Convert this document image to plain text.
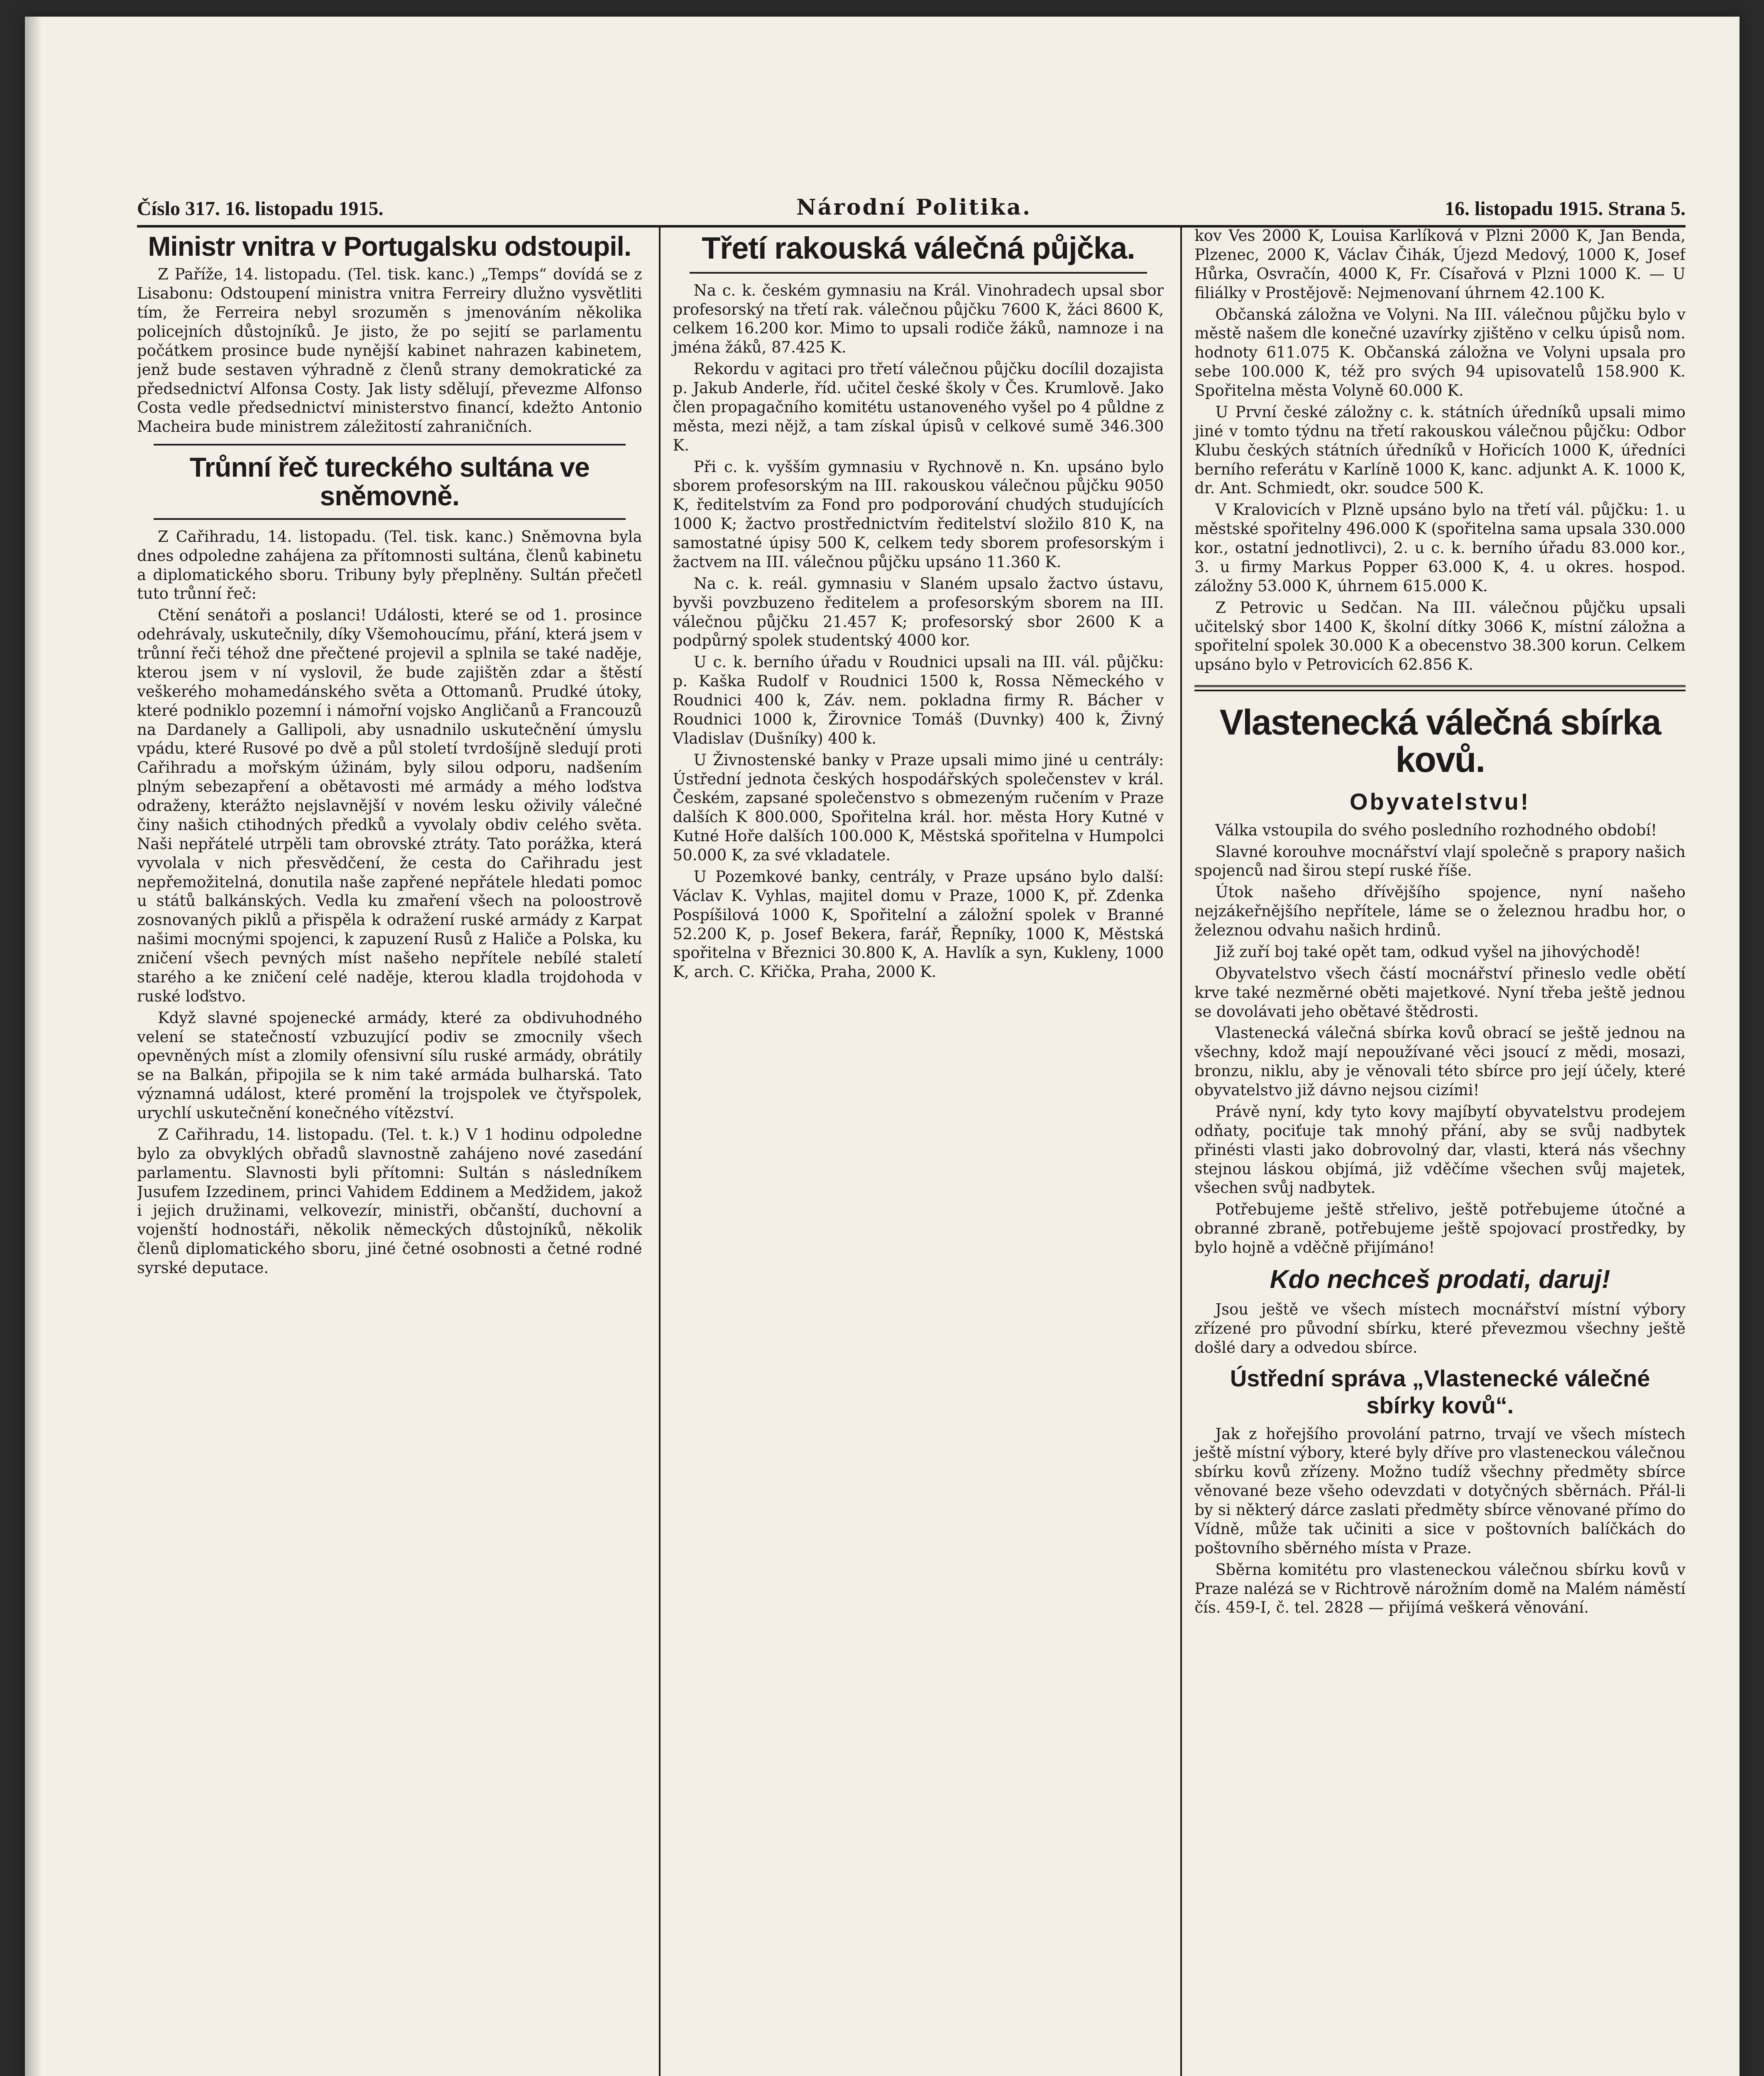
Číslo 317. 16. listopadu 1915.	Národní Politika.	16. listopadu 1915. Strana 5.
Ministr vnitra v Portugalsku odstoupil.

Z Paříže, 14. listopadu. (Tel. tisk. kanc.) „Temps“ dovídá se z Lisabonu: Odstoupení ministra vnitra Ferreiry dlužno vysvětliti tím, že Ferreira nebyl srozuměn s jmenováním několika policejních důstojníků. Je jisto, že po sejití se parlamentu počátkem prosince bude nynější kabinet nahrazen kabinetem, jenž bude sestaven výhradně z členů strany demokratické za předsednictví Alfonsa Costy. Jak listy sdělují, převezme Alfonso Costa vedle předsednictví ministerstvo financí, kdežto Antonio Macheira bude ministrem záležitostí zahraničních.

Trůnní řeč tureckého sultána ve sněmovně.

Z Cařihradu, 14. listopadu. (Tel. tisk. kanc.) Sněmovna byla dnes odpoledne zahájena za přítomnosti sultána, členů kabinetu a diplomatického sboru. Tribuny byly přeplněny. Sultán přečetl tuto trůnní řeč:

Ctění senátoři a poslanci! Události, které se od 1. prosince odehrávaly, uskutečnily, díky Všemohoucímu, přání, která jsem v trůnní řeči téhož dne přečtené projevil a splnila se také naděje, kterou jsem v ní vyslovil, že bude zajištěn zdar a štěstí veškerého mohamedánského světa a Ottomanů. Prudké útoky, které podniklo pozemní i námořní vojsko Angličanů a Francouzů na Dardanely a Gallipoli, aby usnadnilo uskutečnění úmyslu vpádu, které Rusové po dvě a půl století tvrdošíjně sledují proti Cařihradu a mořským úžinám, byly silou odporu, nadšením plným sebezapření a obětavosti mé armády a mého loďstva odraženy, kterážto nejslavnější v novém lesku oživily válečné činy našich ctihodných předků a vyvolaly obdiv celého světa. Naši nepřátelé utrpěli tam obrovské ztráty. Tato porážka, která vyvolala v nich přesvědčení, že cesta do Cařihradu jest nepřemožitelná, donutila naše zapřené nepřátele hledati pomoc u států balkánských. Vedla ku zmaření všech na poloostrově zosnovaných piklů a přispěla k odražení ruské armády z Karpat našimi mocnými spojenci, k zapuzení Rusů z Haliče a Polska, ku zničení všech pevných míst našeho nepřítele nebílé staletí starého a ke zničení celé naděje, kterou kladla trojdohoda v ruské loďstvo.

Když slavné spojenecké armády, které za obdivuhodného velení se statečností vzbuzující podiv se zmocnily všech opevněných míst a zlomily ofensivní sílu ruské armády, obrátily se na Balkán, připojila se k nim také armáda bulharská. Tato významná událost, které promění la trojspolek ve čtyřspolek, urychlí uskutečnění konečného vítězství.

Z Cařihradu, 14. listopadu. (Tel. t. k.) V 1 hodinu odpoledne bylo za obvyklých obřadů slavnostně zahájeno nové zasedání parlamentu. Slavnosti byli přítomni: Sultán s následníkem Jusufem Izzedinem, princi Vahidem Eddinem a Medžidem, jakož i jejich družinami, velkovezír, ministři, občanští, duchovní a vojenští hodnostáři, několik německých důstojníků, několik členů diplomatického sboru, jiné četné osobnosti a četné rodné syrské deputace.

Třetí rakouská válečná půjčka.

Na c. k. českém gymnasiu na Král. Vinohradech upsal sbor profesorský na třetí rak. válečnou půjčku 7600 K, žáci 8600 K, celkem 16.200 kor. Mimo to upsali rodiče žáků, namnoze i na jména žáků, 87.425 K.

Rekordu v agitaci pro třetí válečnou půjčku docílil dozajista p. Jakub Anderle, říd. učitel české školy v Čes. Krumlově. Jako člen propagačního komitétu ustanoveného vyšel po 4 půldne z města, mezi nějž, a tam získal úpisů v celkové sumě 346.300 K.

Při c. k. vyšším gymnasiu v Rychnově n. Kn. upsáno bylo sborem profesorským na III. rakouskou válečnou půjčku 9050 K, ředitelstvím za Fond pro podporování chudých studujících 1000 K; žactvo prostřednictvím ředitelství složilo 810 K, na samostatné úpisy 500 K, celkem tedy sborem profesorským i žactvem na III. válečnou půjčku upsáno 11.360 K.

Na c. k. reál. gymnasiu v Slaném upsalo žactvo ústavu, byvši povzbuzeno ředitelem a profesorským sborem na III. válečnou půjčku 21.457 K; profesorský sbor 2600 K a podpůrný spolek studentský 4000 kor.

U c. k. berního úřadu v Roudnici upsali na III. vál. půjčku: p. Kaška Rudolf v Roudnici 1500 k, Rossa Německého v Roudnici 400 k, Záv. nem. pokladna firmy R. Bácher v Roudnici 1000 k, Žirovnice Tomáš (Duvnky) 400 k, Živný Vladislav (Dušníky) 400 k.

U Živnostenské banky v Praze upsali mimo jiné u centrály: Ústřední jednota českých hospodářských společenstev v král. Českém, zapsané společenstvo s obmezeným ručením v Praze dalších K 800.000, Spořitelna král. hor. města Hory Kutné v Kutné Hoře dalších 100.000 K, Městská spořitelna v Humpolci 50.000 K, za své vkladatele.

U Pozemkové banky, centrály, v Praze upsáno bylo další: Václav K. Vyhlas, majitel domu v Praze, 1000 K, př. Zdenka Pospíšilová 1000 K, Spořitelní a záložní spolek v Branné 52.200 K, p. Josef Bekera, farář, Řepníky, 1000 K, Městská spořitelna v Březnici 30.800 K, A. Havlík a syn, Kukleny, 1000 K, arch. C. Křička, Praha, 2000 K.

kov Ves 2000 K, Louisa Karlíková v Plzni 2000 K, Jan Benda, Plzenec, 2000 K, Václav Čihák, Újezd Medový, 1000 K, Josef Hůrka, Osvračín, 4000 K, Fr. Císařová v Plzni 1000 K. — U filiálky v Prostějově: Nejmenovaní úhrnem 42.100 K.

Občanská záložna ve Volyni. Na III. válečnou půjčku bylo v městě našem dle konečné uzavírky zjištěno v celku úpisů nom. hodnoty 611.075 K. Občanská záložna ve Volyni upsala pro sebe 100.000 K, též pro svých 94 upisovatelů 158.900 K. Spořitelna města Volyně 60.000 K.

U První české záložny c. k. státních úředníků upsali mimo jiné v tomto týdnu na třetí rakouskou válečnou půjčku: Odbor Klubu českých státních úředníků v Hořicích 1000 K, úředníci berního referátu v Karlíně 1000 K, kanc. adjunkt A. K. 1000 K, dr. Ant. Schmiedt, okr. soudce 500 K.

V Kralovicích v Plzně upsáno bylo na třetí vál. půjčku: 1. u městské spořitelny 496.000 K (spořitelna sama upsala 330.000 kor., ostatní jednotlivci), 2. u c. k. berního úřadu 83.000 kor., 3. u firmy Markus Popper 63.000 K, 4. u okres. hospod. záložny 53.000 K, úhrnem 615.000 K.

Z Petrovic u Sedčan. Na III. válečnou půjčku upsali učitelský sbor 1400 K, školní dítky 3066 K, místní záložna a spořitelní spolek 30.000 K a obecenstvo 38.300 korun. Celkem upsáno bylo v Petrovicích 62.856 K.

Vlastenecká válečná sbírka kovů.
Obyvatelstvu!

Válka vstoupila do svého posledního rozhodného období!

Slavné korouhve mocnářství vlají společně s prapory našich spojenců nad širou stepí ruské říše.

Útok našeho dřívějšího spojence, nyní našeho nejzákeřnějšího nepřítele, láme se o železnou hradbu hor, o železnou odvahu našich hrdinů.

Již zuří boj také opět tam, odkud vyšel na jihovýchodě!

Obyvatelstvo všech částí mocnářství přineslo vedle obětí krve také nezměrné oběti majetkové. Nyní třeba ještě jednou se dovolávati jeho obětavé štědrosti.

Vlastenecká válečná sbírka kovů obrací se ještě jednou na všechny, kdož mají nepoužívané věci jsoucí z mědi, mosazi, bronzu, niklu, aby je věnovali této sbírce pro její účely, které obyvatelstvo již dávno nejsou cizími!

Právě nyní, kdy tyto kovy majíbytí obyvatelstvu prodejem odňaty, pociťuje tak mnohý přání, aby se svůj nadbytek přinésti vlasti jako dobrovolný dar, vlasti, která nás všechny stejnou láskou objímá, již vděčíme všechen svůj majetek, všechen svůj nadbytek.

Potřebujeme ještě střelivo, ještě potřebujeme útočné a obranné zbraně, potřebujeme ještě spojovací prostředky, by bylo hojně a vděčně přijímáno!

Kdo nechceš prodati, daruj!

Jsou ještě ve všech místech mocnářství místní výbory zřízené pro původní sbírku, které převezmou všechny ještě došlé dary a odvedou sbírce.

Ústřední správa „Vlastenecké válečné sbírky kovů“.

Jak z hořejšího provolání patrno, trvají ve všech místech ještě místní výbory, které byly dříve pro vlasteneckou válečnou sbírku kovů zřízeny. Možno tudíž všechny předměty sbírce věnované beze všeho odevzdati v dotyčných sběrnách. Přál-li by si některý dárce zaslati předměty sbírce věnované přímo do Vídně, může tak učiniti a sice v poštovních balíčkách do poštovního sběrného místa v Praze.

Sběrna komitétu pro vlasteneckou válečnou sbírku kovů v Praze nalézá se v Richtrově nárožním domě na Malém náměstí čís. 459-I, č. tel. 2828 — přijímá veškerá věnování.
